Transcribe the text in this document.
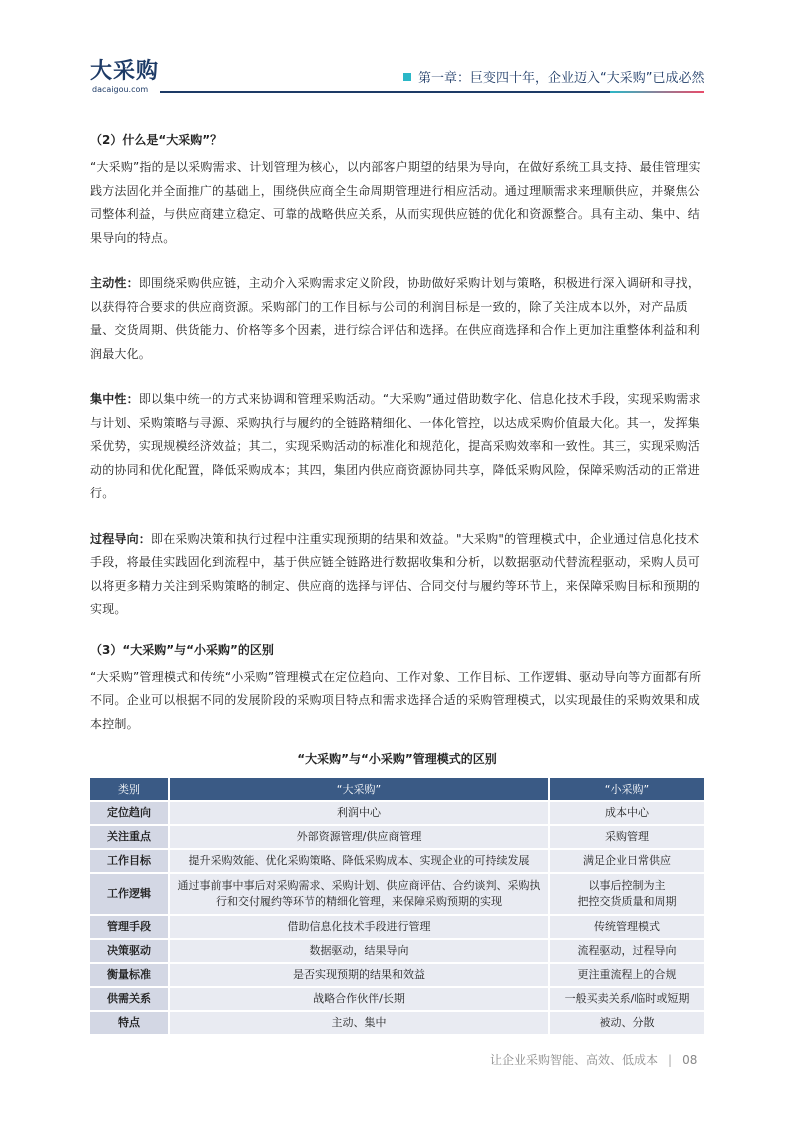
大采购
dacaigou.com
第一章：巨变四十年，企业迈入“大采购”已成必然
（2）什么是“大采购”？

“大采购”指的是以采购需求、计划管理为核心，以内部客户期望的结果为导向，在做好系统工具支持、最佳管理实践方法固化并全面推广的基础上，围绕供应商全生命周期管理进行相应活动。通过理顺需求来理顺供应，并聚焦公司整体利益，与供应商建立稳定、可靠的战略供应关系，从而实现供应链的优化和资源整合。具有主动、集中、结果导向的特点。

主动性：即围绕采购供应链，主动介入采购需求定义阶段，协助做好采购计划与策略，积极进行深入调研和寻找，以获得符合要求的供应商资源。采购部门的工作目标与公司的利润目标是一致的，除了关注成本以外，对产品质量、交货周期、供货能力、价格等多个因素，进行综合评估和选择。在供应商选择和合作上更加注重整体利益和利润最大化。

集中性：即以集中统一的方式来协调和管理采购活动。“大采购”通过借助数字化、信息化技术手段，实现采购需求与计划、采购策略与寻源、采购执行与履约的全链路精细化、一体化管控，以达成采购价值最大化。其一，发挥集采优势，实现规模经济效益；其二，实现采购活动的标准化和规范化，提高采购效率和一致性。其三，实现采购活动的协同和优化配置，降低采购成本；其四，集团内供应商资源协同共享，降低采购风险，保障采购活动的正常进行。

过程导向：即在采购决策和执行过程中注重实现预期的结果和效益。"大采购"的管理模式中，企业通过信息化技术手段，将最佳实践固化到流程中，基于供应链全链路进行数据收集和分析，以数据驱动代替流程驱动，采购人员可以将更多精力关注到采购策略的制定、供应商的选择与评估、合同交付与履约等环节上，来保障采购目标和预期的实现。

（3）“大采购”与“小采购”的区别

“大采购”管理模式和传统“小采购”管理模式在定位趋向、工作对象、工作目标、工作逻辑、驱动导向等方面都有所不同。企业可以根据不同的发展阶段的采购项目特点和需求选择合适的采购管理模式，以实现最佳的采购效果和成本控制。

“大采购”与“小采购”管理模式的区别
类别	“大采购”	“小采购”
定位趋向	利润中心	成本中心
关注重点	外部资源管理/供应商管理	采购管理
工作目标	提升采购效能、优化采购策略、降低采购成本、实现企业的可持续发展	满足企业日常供应
工作逻辑	通过事前事中事后对采购需求、采购计划、供应商评估、合约谈判、采购执行和交付履约等环节的精细化管理，来保障采购预期的实现	以事后控制为主
把控交货质量和周期
管理手段	借助信息化技术手段进行管理	传统管理模式
决策驱动	数据驱动，结果导向	流程驱动，过程导向
衡量标准	是否实现预期的结果和效益	更注重流程上的合规
供需关系	战略合作伙伴/长期	一般买卖关系/临时或短期
特点	主动、集中	被动、分散
让企业采购智能、高效、低成本 | 08
